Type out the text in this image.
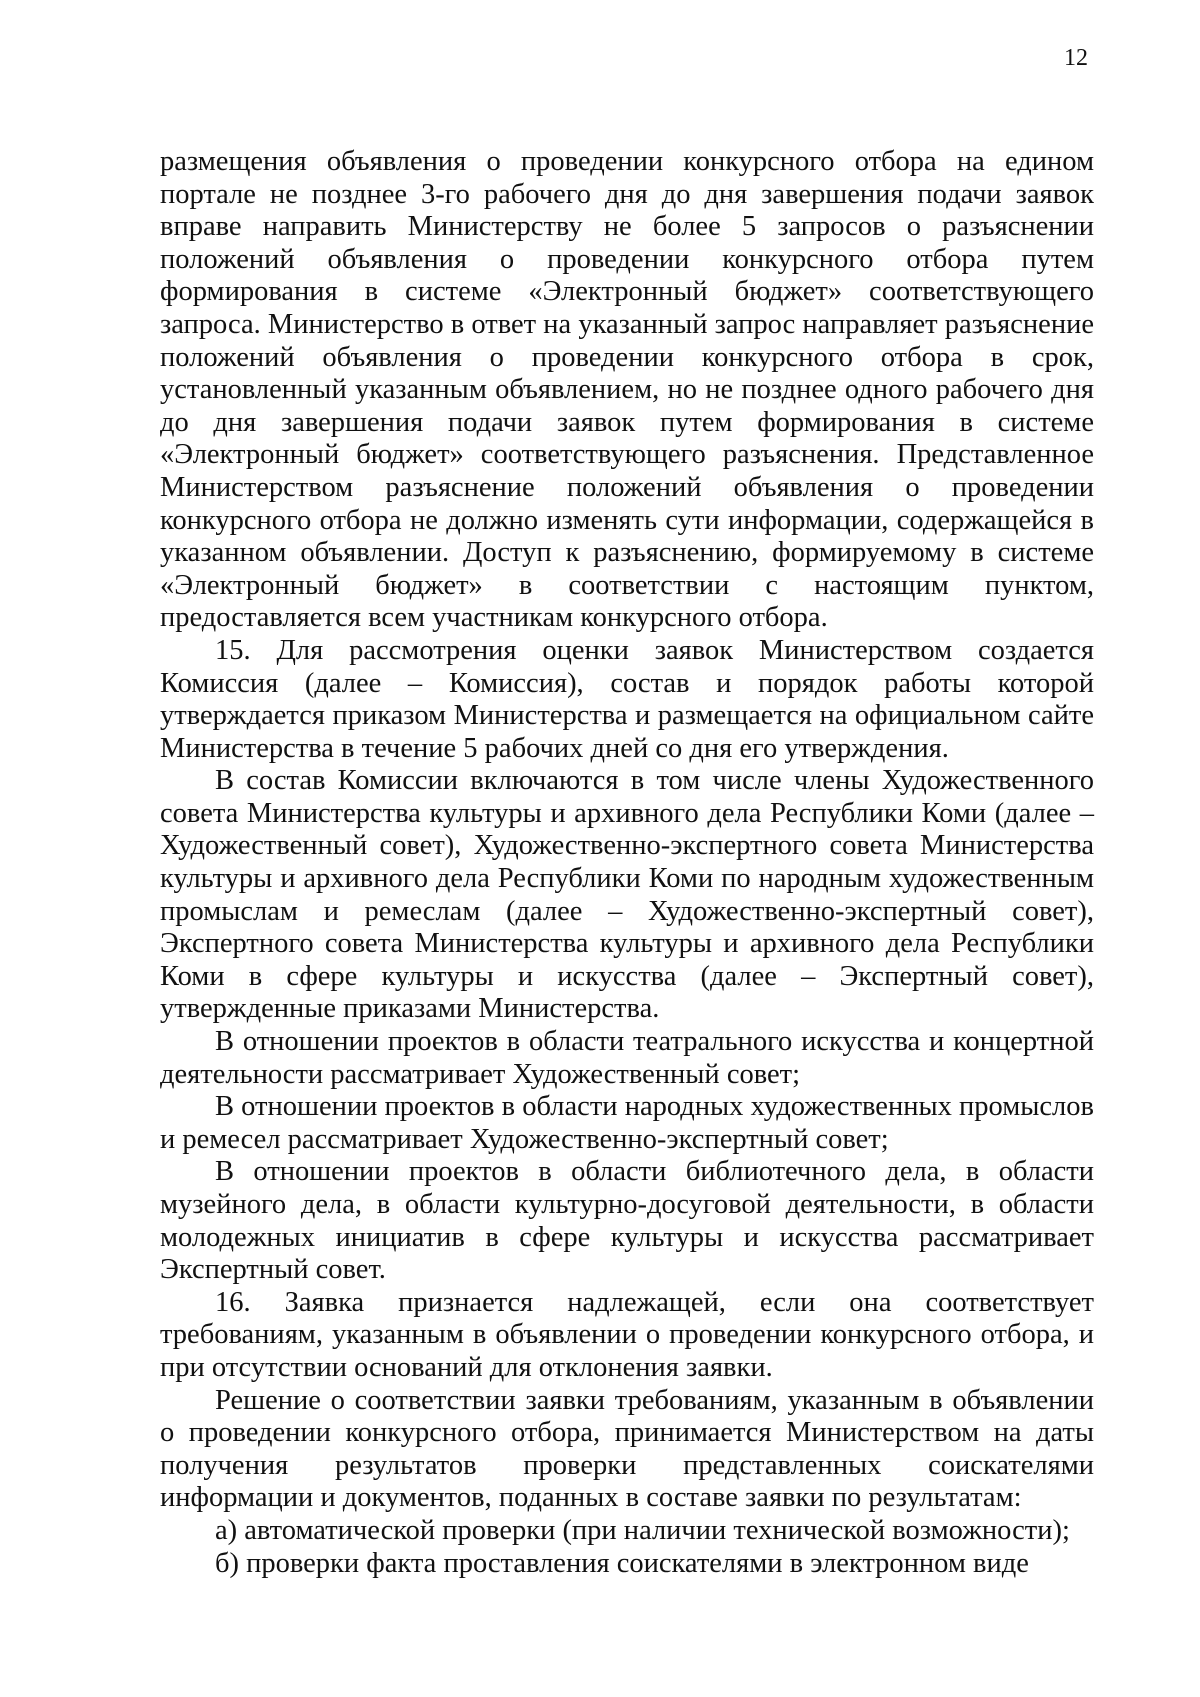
12

размещения объявления о проведении конкурсного отбора на едином портале не позднее 3-го рабочего дня до дня завершения подачи заявок вправе направить Министерству не более 5 запросов о разъяснении положений объявления о проведении конкурсного отбора путем формирования в системе «Электронный бюджет» соответствующего запроса. Министерство в ответ на указанный запрос направляет разъяснение положений объявления о проведении конкурсного отбора в срок, установленный указанным объявлением, но не позднее одного рабочего дня до дня завершения подачи заявок путем формирования в системе «Электронный бюджет» соответствующего разъяснения. Представленное Министерством разъяснение положений объявления о проведении конкурсного отбора не должно изменять сути информации, содержащейся в указанном объявлении. Доступ к разъяснению, формируемому в системе «Электронный бюджет» в соответствии с настоящим пунктом, предоставляется всем участникам конкурсного отбора.

15. Для рассмотрения оценки заявок Министерством создается Комиссия (далее – Комиссия), состав и порядок работы которой утверждается приказом Министерства и размещается на официальном сайте Министерства в течение 5 рабочих дней со дня его утверждения.

В состав Комиссии включаются в том числе члены Художественного совета Министерства культуры и архивного дела Республики Коми (далее – Художественный совет), Художественно-экспертного совета Министерства культуры и архивного дела Республики Коми по народным художественным промыслам и ремеслам (далее – Художественно-экспертный совет), Экспертного совета Министерства культуры и архивного дела Республики Коми в сфере культуры и искусства (далее – Экспертный совет), утвержденные приказами Министерства.

В отношении проектов в области театрального искусства и концертной деятельности рассматривает Художественный совет;

В отношении проектов в области народных художественных промыслов и ремесел рассматривает Художественно-экспертный совет;

В отношении проектов в области библиотечного дела, в области музейного дела, в области культурно-досуговой деятельности, в области молодежных инициатив в сфере культуры и искусства рассматривает Экспертный совет.

16. Заявка признается надлежащей, если она соответствует требованиям, указанным в объявлении о проведении конкурсного отбора, и при отсутствии оснований для отклонения заявки.

Решение о соответствии заявки требованиям, указанным в объявлении о проведении конкурсного отбора, принимается Министерством на даты получения результатов проверки представленных соискателями информации и документов, поданных в составе заявки по результатам:

а) автоматической проверки (при наличии технической возможности);

б) проверки факта проставления соискателями в электронном виде
